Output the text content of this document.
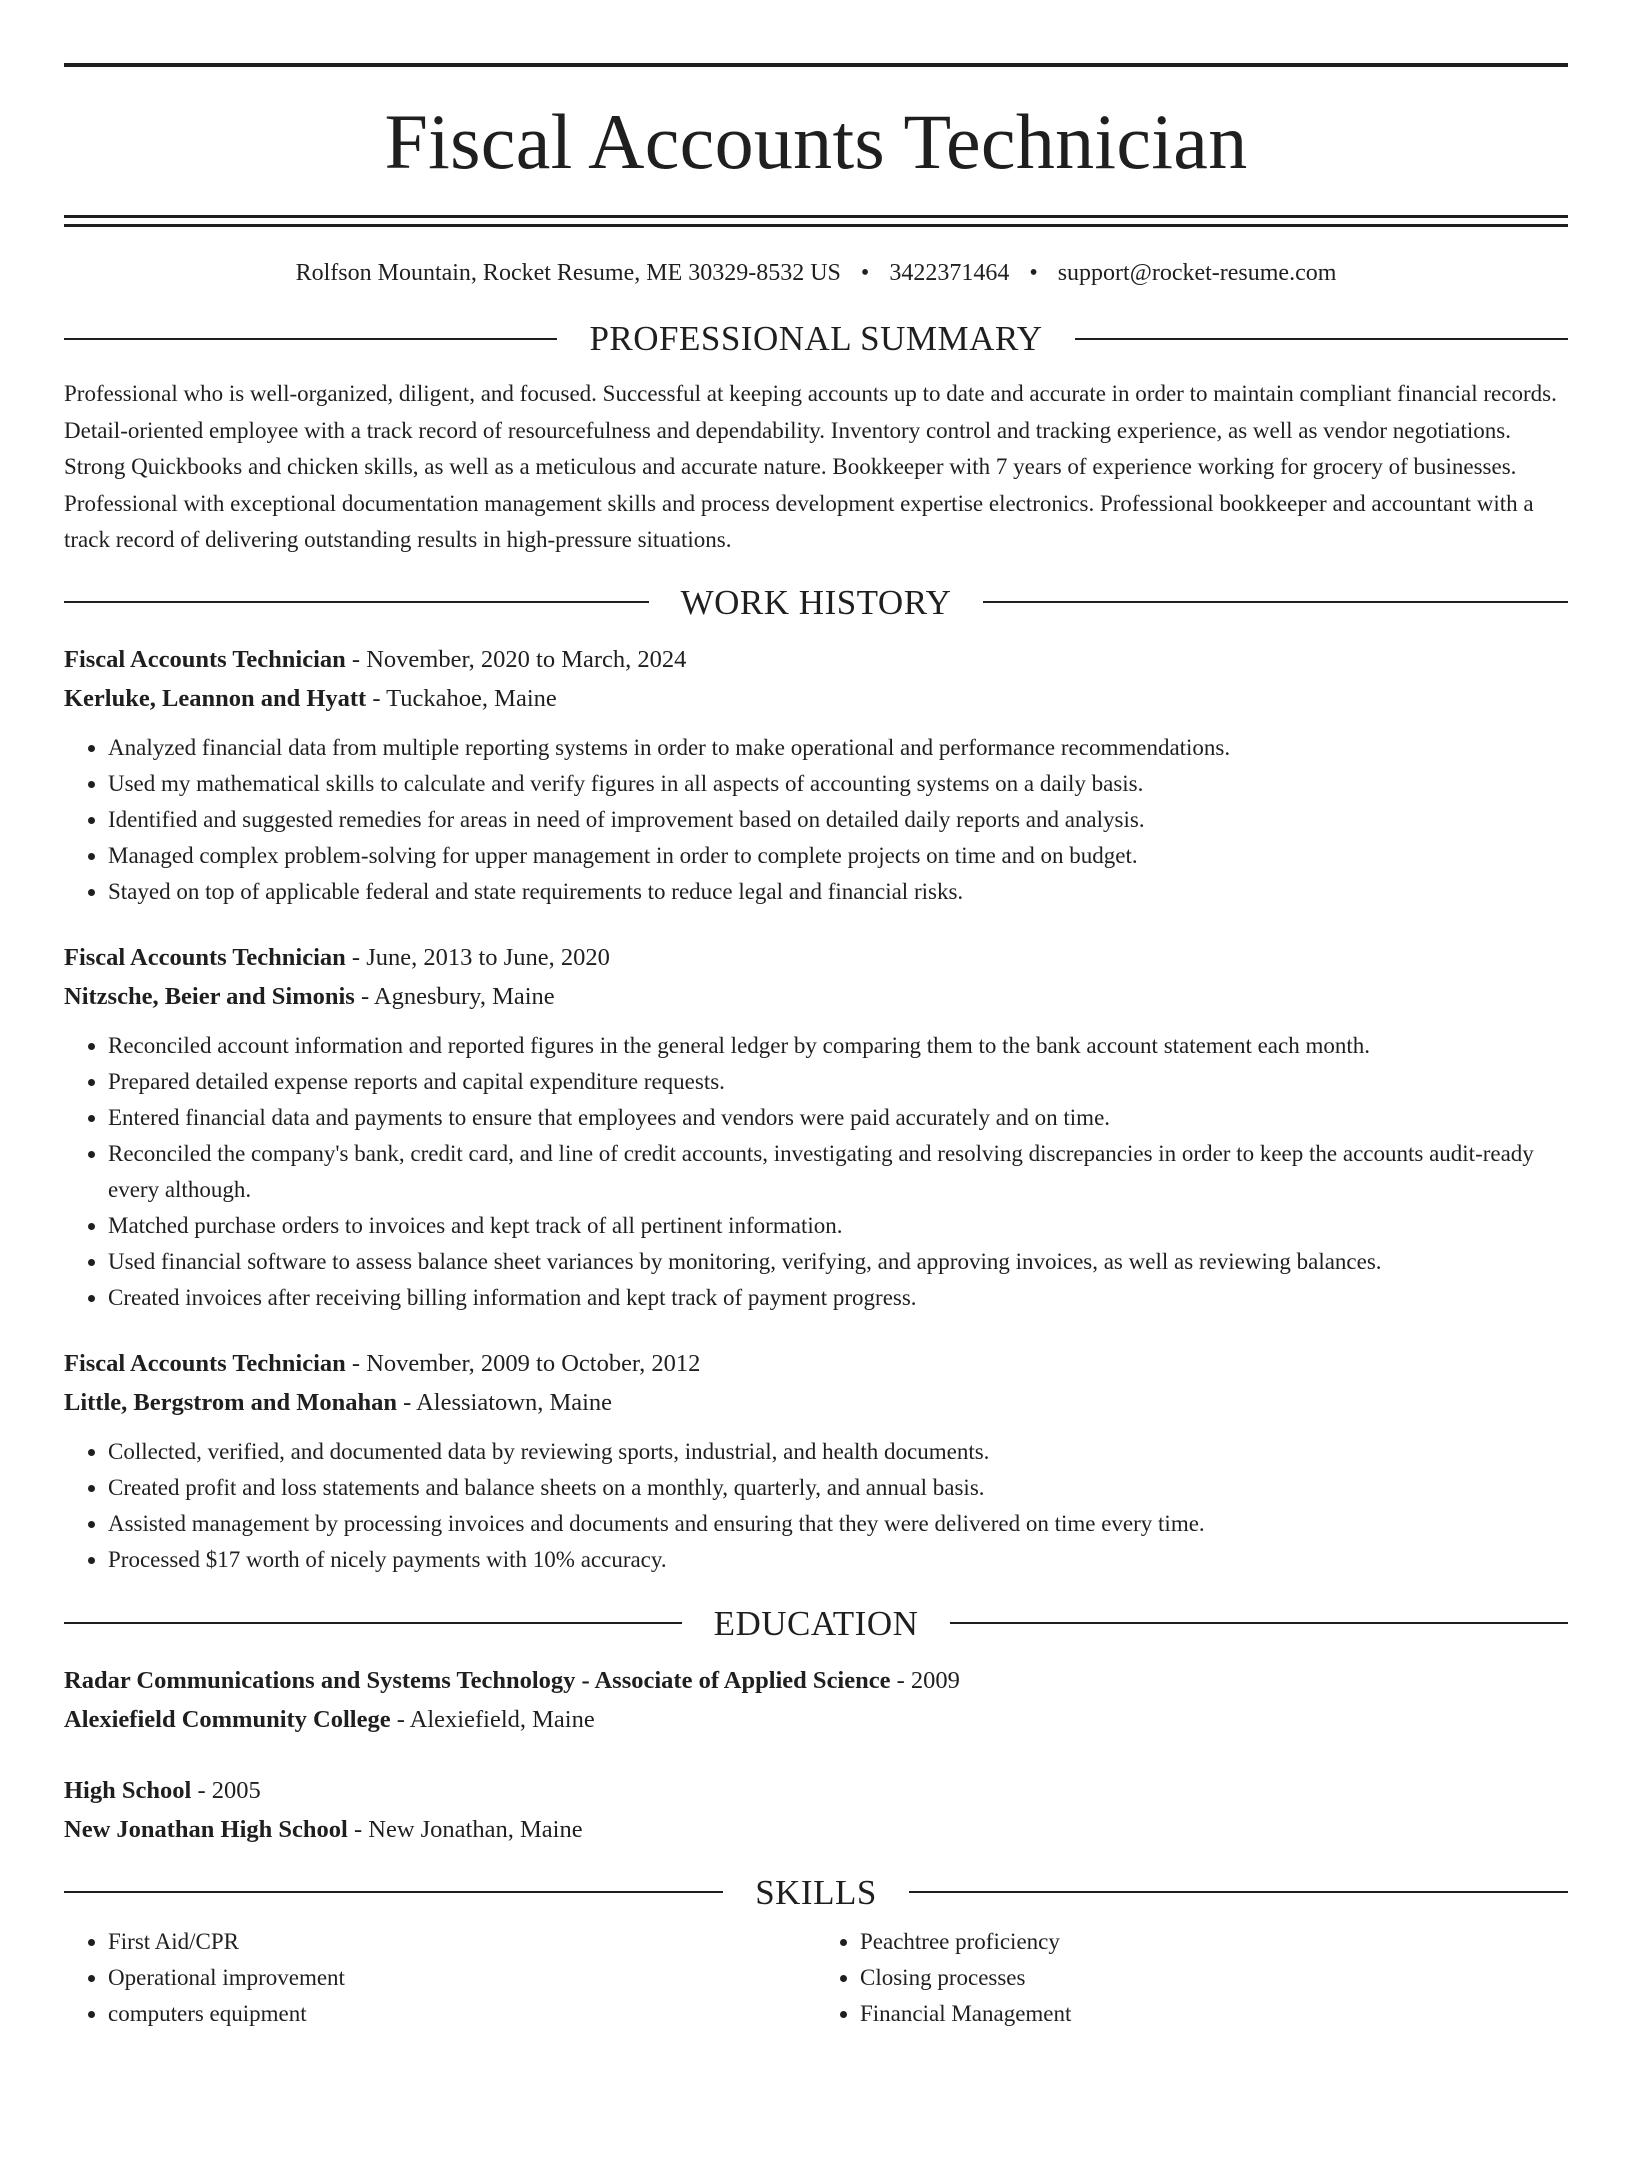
Fiscal Accounts Technician
Rolfson Mountain, Rocket Resume, ME 30329-8532 US • 3422371464 • support@rocket-resume.com
PROFESSIONAL SUMMARY

Professional who is well-organized, diligent, and focused. Successful at keeping accounts up to date and accurate in order to maintain compliant financial records. Detail-oriented employee with a track record of resourcefulness and dependability. Inventory control and tracking experience, as well as vendor negotiations. Strong Quickbooks and chicken skills, as well as a meticulous and accurate nature. Bookkeeper with 7 years of experience working for grocery of businesses. Professional with exceptional documentation management skills and process development expertise electronics. Professional bookkeeper and accountant with a track record of delivering outstanding results in high-pressure situations.

WORK HISTORY
Fiscal Accounts Technician - November, 2020 to March, 2024
Kerluke, Leannon and Hyatt - Tuckahoe, Maine
• Analyzed financial data from multiple reporting systems in order to make operational and performance recommendations.
• Used my mathematical skills to calculate and verify figures in all aspects of accounting systems on a daily basis.
• Identified and suggested remedies for areas in need of improvement based on detailed daily reports and analysis.
• Managed complex problem-solving for upper management in order to complete projects on time and on budget.
• Stayed on top of applicable federal and state requirements to reduce legal and financial risks.
Fiscal Accounts Technician - June, 2013 to June, 2020
Nitzsche, Beier and Simonis - Agnesbury, Maine
• Reconciled account information and reported figures in the general ledger by comparing them to the bank account statement each month.
• Prepared detailed expense reports and capital expenditure requests.
• Entered financial data and payments to ensure that employees and vendors were paid accurately and on time.
• Reconciled the company's bank, credit card, and line of credit accounts, investigating and resolving discrepancies in order to keep the accounts audit-ready every although.
• Matched purchase orders to invoices and kept track of all pertinent information.
• Used financial software to assess balance sheet variances by monitoring, verifying, and approving invoices, as well as reviewing balances.
• Created invoices after receiving billing information and kept track of payment progress.
Fiscal Accounts Technician - November, 2009 to October, 2012
Little, Bergstrom and Monahan - Alessiatown, Maine
• Collected, verified, and documented data by reviewing sports, industrial, and health documents.
• Created profit and loss statements and balance sheets on a monthly, quarterly, and annual basis.
• Assisted management by processing invoices and documents and ensuring that they were delivered on time every time.
• Processed $17 worth of nicely payments with 10% accuracy.
EDUCATION
Radar Communications and Systems Technology - Associate of Applied Science - 2009
Alexiefield Community College - Alexiefield, Maine
High School - 2005
New Jonathan High School - New Jonathan, Maine
SKILLS
• First Aid/CPR
• Operational improvement
• computers equipment
• Peachtree proficiency
• Closing processes
• Financial Management
